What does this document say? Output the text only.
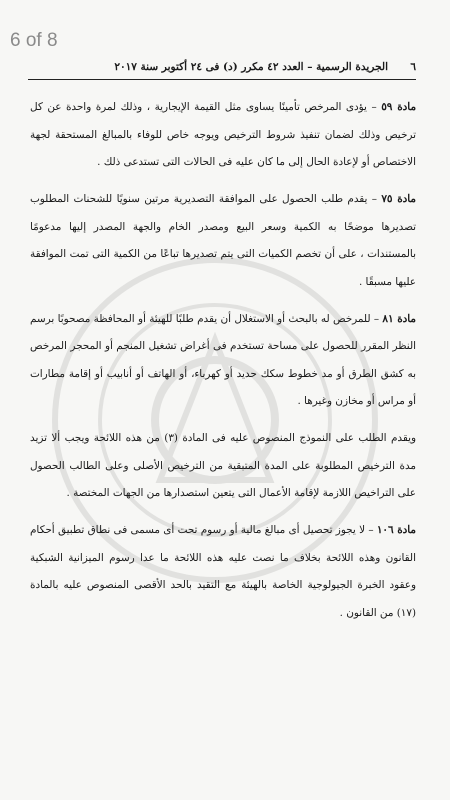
6 of 8
٦
الجريدة الرسمية – العدد ٤٢ مكرر (د) فى ٢٤ أكتوبر سنة ٢٠١٧

مادة ٥٩ – يؤدى المرخص تأمينًا يساوى مثل القيمة الإيجارية ، وذلك لمرة واحدة عن كل ترخيص وذلك لضمان تنفيذ شروط الترخيص ويوجه خاص للوفاء بالمبالغ المستحقة لجهة الاختصاص أو لإعادة الحال إلى ما كان عليه فى الحالات التى تستدعى ذلك .

مادة ٧٥ – يقدم طلب الحصول على الموافقة التصديرية مرتين سنويًا للشحنات المطلوب تصديرها موضحًا به الكمية وسعر البيع ومصدر الخام والجهة المصدر إليها مدعومًا بالمستندات ، على أن تخصم الكميات التى يتم تصديرها تباعًا من الكمية التى تمت الموافقة عليها مسبقًا .

مادة ٨١ – للمرخص له بالبحث أو الاستغلال أن يقدم طلبًا للهيئة أو المحافظة مصحوبًا برسم النظر المقرر للحصول على مساحة تستخدم فى أغراض تشغيل المنجم أو المحجر المرخص به كشق الطرق أو مد خطوط سكك حديد أو كهرباء، أو الهاتف أو أنابيب أو إقامة مطارات أو مراس أو مخازن وغيرها .

ويقدم الطلب على النموذج المنصوص عليه فى المادة (٣) من هذه اللائحة ويجب ألا تزيد مدة الترخيص المطلوبة على المدة المتبقية من الترخيص الأصلى وعلى الطالب الحصول على التراخيص اللازمة لإقامة الأعمال التى يتعين استصدارها من الجهات المختصة .

مادة ١٠٦ – لا يجوز تحصيل أى مبالغ مالية أو رسوم تحت أى مسمى فى نطاق تطبيق أحكام القانون وهذه اللائحة بخلاف ما نصت عليه هذه اللائحة ما عدا رسوم الميزانية الشبكية وعقود الخبرة الجيولوجية الخاصة بالهيئة مع التقيد بالحد الأقصى المنصوص عليه بالمادة (١٧) من القانون .
